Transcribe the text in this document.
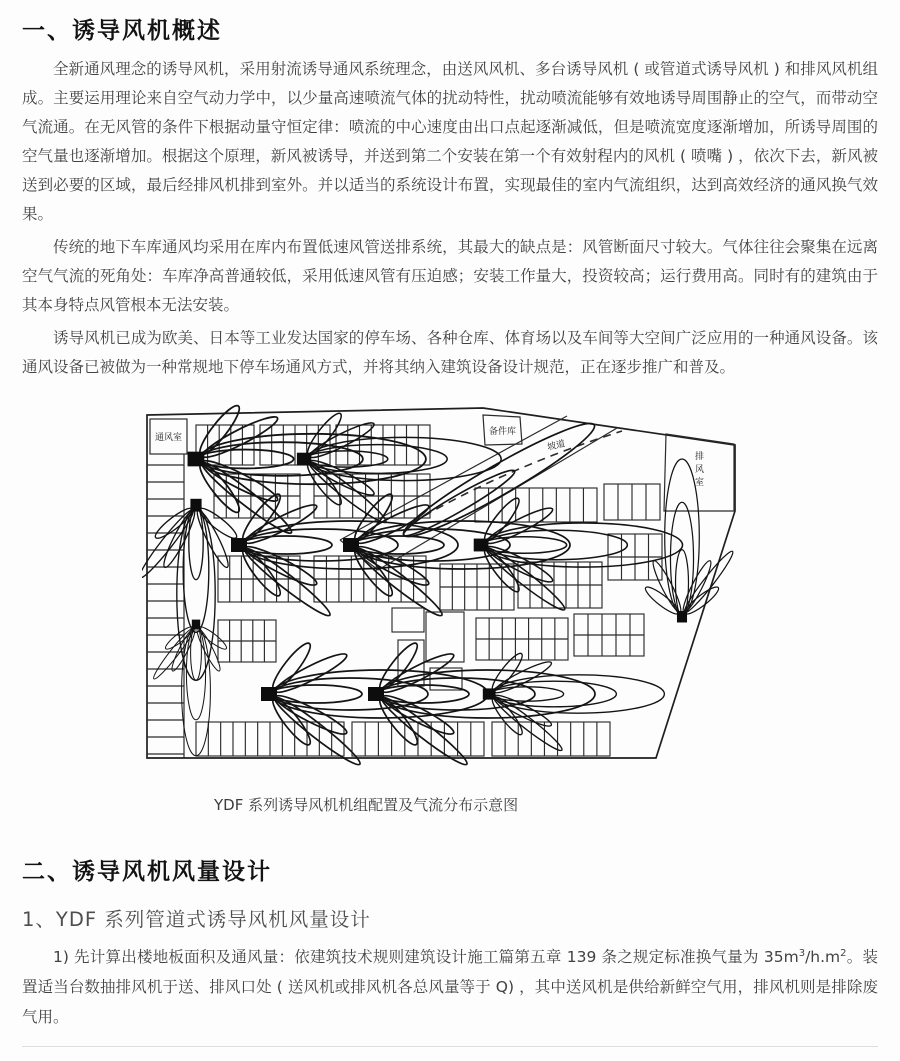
一、诱导风机概述

全新通风理念的诱导风机，采用射流诱导通风系统理念，由送风风机、多台诱导风机 ( 或管道式诱导风机 ) 和排风风机组成。主要运用理论来自空气动力学中，以少量高速喷流气体的扰动特性，扰动喷流能够有效地诱导周围静止的空气，而带动空气流通。在无风管的条件下根据动量守恒定律：喷流的中心速度由出口点起逐渐减低，但是喷流宽度逐渐增加，所诱导周围的空气量也逐渐增加。根据这个原理，新风被诱导，并送到第二个安装在第一个有效射程内的风机 ( 喷嘴 ) ，依次下去，新风被送到必要的区域，最后经排风机排到室外。并以适当的系统设计布置，实现最佳的室内气流组织，达到高效经济的通风换气效果。

传统的地下车库通风均采用在库内布置低速风管送排系统，其最大的缺点是：风管断面尺寸较大。气体往往会聚集在远离空气气流的死角处：车库净高普通较低，采用低速风管有压迫感；安装工作量大，投资较高；运行费用高。同时有的建筑由于其本身特点风管根本无法安装。

诱导风机已成为欧美、日本等工业发达国家的停车场、各种仓库、体育场以及车间等大空间广泛应用的一种通风设备。该通风设备已被做为一种常规地下停车场通风方式，并将其纳入建筑设备设计规范，正在逐步推广和普及。

通风室
备件库
坡道
排风室

YDF 系列诱导风机机组配置及气流分布示意图

二、诱导风机风量设计
1、YDF 系列管道式诱导风机风量设计

1) 先计算出楼地板面积及通风量：依建筑技术规则建筑设计施工篇第五章 139 条之规定标准换气量为 $35m^3/h.m^2$。装置适当台数抽排风机于送、排风口处 ( 送风机或排风机各总风量等于 Q) ，其中送风机是供给新鲜空气用，排风机则是排除废气用。
